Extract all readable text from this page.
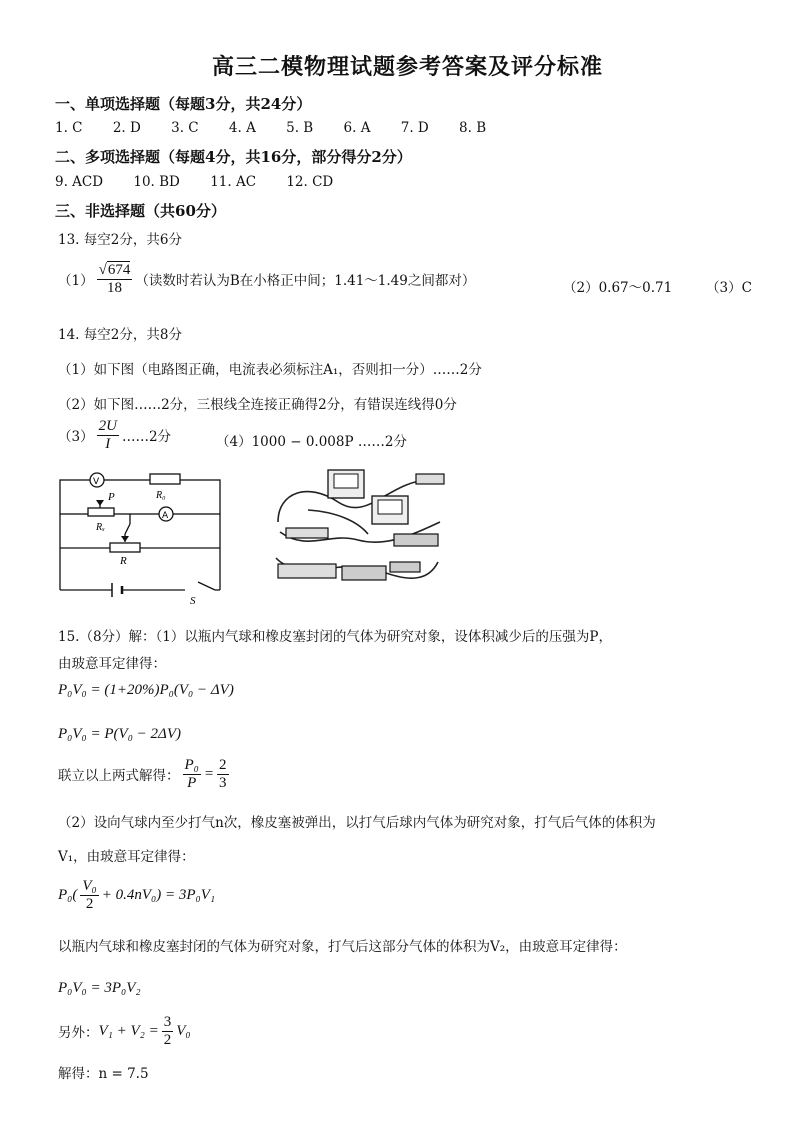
高三二模物理试题参考答案及评分标准
一、单项选择题（每题3分，共24分）
1. C 2. D 3. C 4. A 5. B 6. A 7. D 8. B
二、多项选择题（每题4分，共16分，部分得分2分）
9. ACD 10. BD 11. AC 12. CD
三、非选择题（共60分）
13. 每空2分，共6分
$(1) \frac{√674}{18}$ （读数时若认为B在小格正中间；1.41～1.49之间都对）	（2）0.67～0.71	（3）C
14. 每空2分，共8分
（1）如下图（电路图正确，电流表必须标注A₁，否则扣一分）……2分
（2）如下图……2分，三根线全连接正确得2分，有错误连线得0分
$(3) \frac{2U}{I}$ ……2分	（4）1000 − 0.008P ……2分
V
A
P	R₀
Rₓ
R
S
15.（8分）解：（1）以瓶内气球和橡皮塞封闭的气体为研究对象，设体积减少后的压强为P，
由玻意耳定律得：
P₀V₀ = (1+20%)P₀(V₀ − ΔV)
P₀V₀ = P(V₀ − 2ΔV)
联立以上两式解得： $\frac{\text{P₀}}{P} = \frac{2}{3}$
（2）设向气球内至少打气n次，橡皮塞被弹出，以打气后球内气体为研究对象，打气后气体的体积为
V₁，由玻意耳定律得：
$P_0( \frac{\text{V₀}}{2} + 0.4nV_0) = 3P_0V_1$
以瓶内气球和橡皮塞封闭的气体为研究对象，打气后这部分气体的体积为V₂，由玻意耳定律得：
P₀V₀ = 3P₀V₂
另外： $V_1 + V_2 = \frac{3}{2} V_0$
解得：n = 7.5
